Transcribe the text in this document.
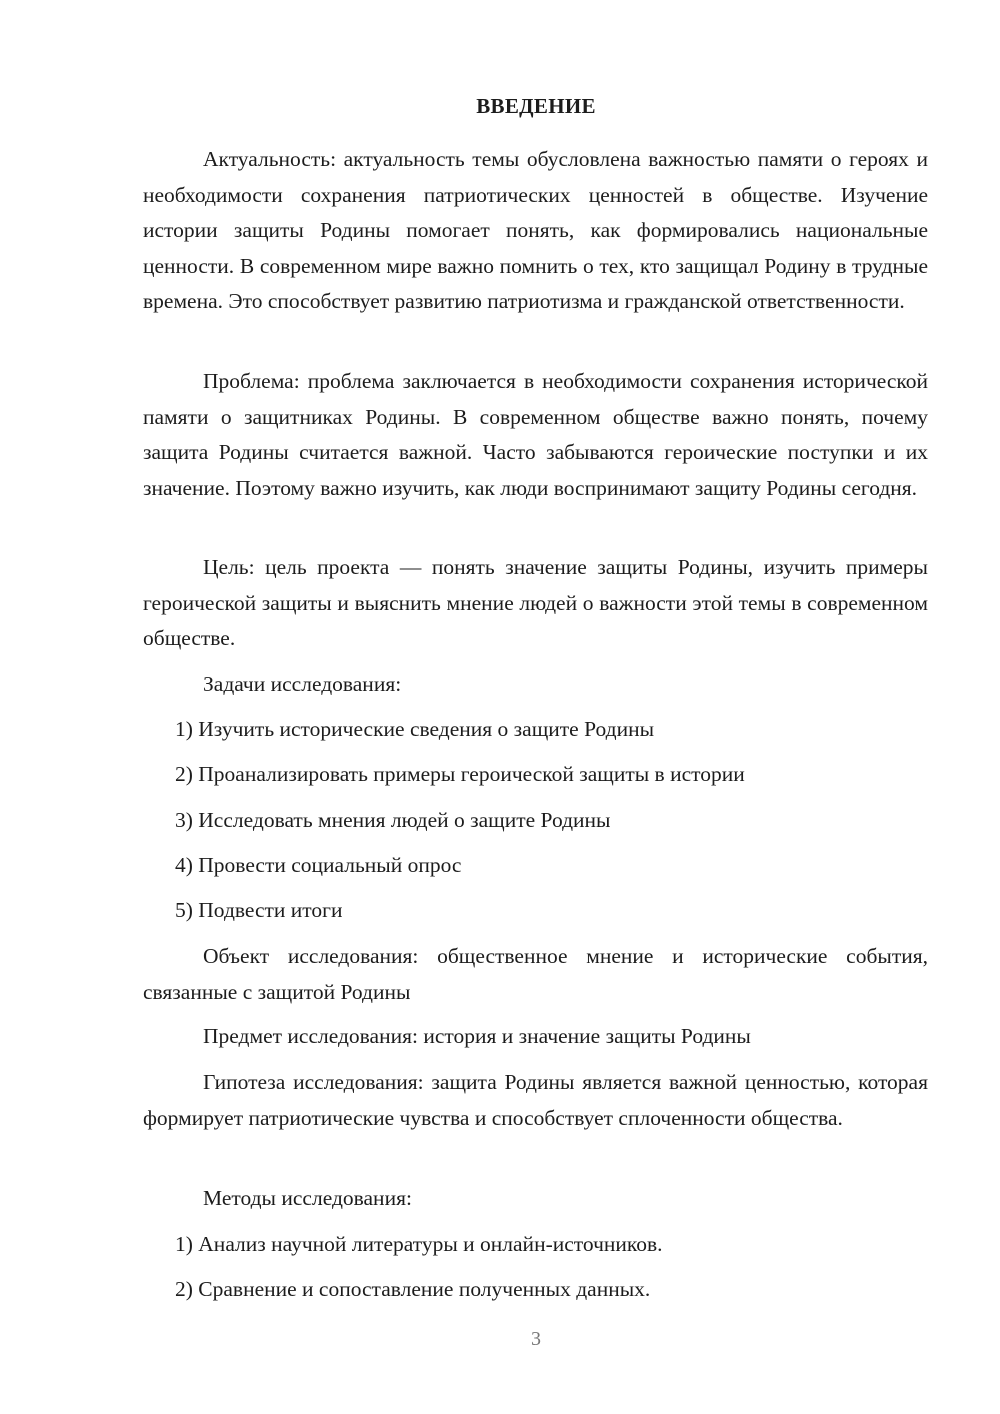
ВВЕДЕНИЕ
Актуальность: актуальность темы обусловлена важностью памяти о героях и необходимости сохранения патриотических ценностей в обществе. Изучение истории защиты Родины помогает понять, как формировались национальные ценности. В современном мире важно помнить о тех, кто защищал Родину в трудные времена. Это способствует развитию патриотизма и гражданской ответственности.
Проблема: проблема заключается в необходимости сохранения исторической памяти о защитниках Родины. В современном обществе важно понять, почему защита Родины считается важной. Часто забываются героические поступки и их значение. Поэтому важно изучить, как люди воспринимают защиту Родины сегодня.
Цель: цель проекта — понять значение защиты Родины, изучить примеры героической защиты и выяснить мнение людей о важности этой темы в современном обществе.
Задачи исследования:
1) Изучить исторические сведения о защите Родины
2) Проанализировать примеры героической защиты в истории
3) Исследовать мнения людей о защите Родины
4) Провести социальный опрос
5) Подвести итоги
Объект исследования: общественное мнение и исторические события, связанные с защитой Родины
Предмет исследования: история и значение защиты Родины
Гипотеза исследования: защита Родины является важной ценностью, которая формирует патриотические чувства и способствует сплоченности общества.
Методы исследования:
1) Анализ научной литературы и онлайн-источников.
2) Сравнение и сопоставление полученных данных.
3
